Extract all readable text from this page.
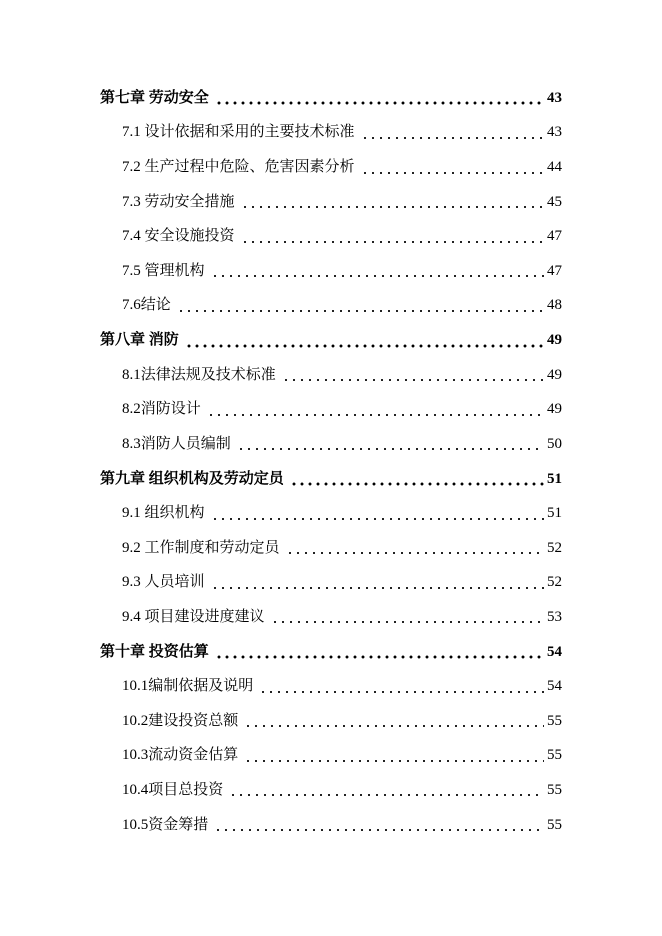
第七章 劳动安全	43
7.1 设计依据和采用的主要技术标准	43
7.2 生产过程中危险、危害因素分析	44
7.3 劳动安全措施	45
7.4 安全设施投资	47
7.5 管理机构	47
7.6结论	48
第八章 消防	49
8.1法律法规及技术标准	49
8.2消防设计	49
8.3消防人员编制	50
第九章 组织机构及劳动定员	51
9.1 组织机构	51
9.2 工作制度和劳动定员	52
9.3 人员培训	52
9.4 项目建设进度建议	53
第十章 投资估算	54
10.1编制依据及说明	54
10.2建设投资总额	55
10.3流动资金估算	55
10.4项目总投资	55
10.5资金筹措	55
